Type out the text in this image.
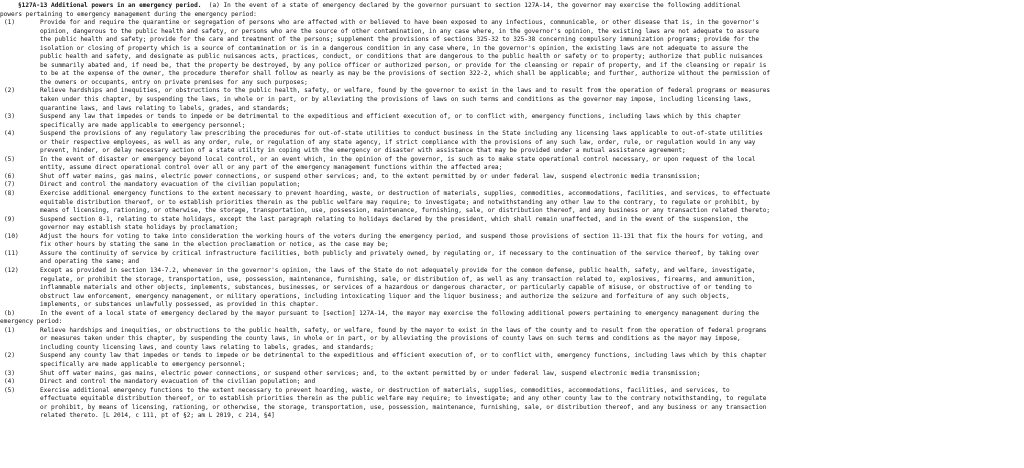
§127A-13 Additional powers in an emergency period. (a) In the event of a state of emergency declared by the governor pursuant to section 127A-14, the governor may exercise the following additional
powers pertaining to emergency management during the emergency period:
(1)	Provide for and require the quarantine or segregation of persons who are affected with or believed to have been exposed to any infectious, communicable, or other disease that is, in the governor's
opinion, dangerous to the public health and safety, or persons who are the source of other contamination, in any case where, in the governor's opinion, the existing laws are not adequate to assure
the public health and safety; provide for the care and treatment of the persons; supplement the provisions of sections 325-32 to 325-38 concerning compulsory immunization programs; provide for the
isolation or closing of property which is a source of contamination or is in a dangerous condition in any case where, in the governor's opinion, the existing laws are not adequate to assure the
public health and safety, and designate as public nuisances acts, practices, conduct, or conditions that are dangerous to the public health or safety or to property; authorize that public nuisances
be summarily abated and, if need be, that the property be destroyed, by any police officer or authorized person, or provide for the cleansing or repair of property, and if the cleansing or repair is
to be at the expense of the owner, the procedure therefor shall follow as nearly as may be the provisions of section 322-2, which shall be applicable; and further, authorize without the permission of
the owners or occupants, entry on private premises for any such purposes;
(2)	Relieve hardships and inequities, or obstructions to the public health, safety, or welfare, found by the governor to exist in the laws and to result from the operation of federal programs or measures
taken under this chapter, by suspending the laws, in whole or in part, or by alleviating the provisions of laws on such terms and conditions as the governor may impose, including licensing laws,
quarantine laws, and laws relating to labels, grades, and standards;
(3)	Suspend any law that impedes or tends to impede or be detrimental to the expeditious and efficient execution of, or to conflict with, emergency functions, including laws which by this chapter
specifically are made applicable to emergency personnel;
(4)	Suspend the provisions of any regulatory law prescribing the procedures for out-of-state utilities to conduct business in the State including any licensing laws applicable to out-of-state utilities
or their respective employees, as well as any order, rule, or regulation of any state agency, if strict compliance with the provisions of any such law, order, rule, or regulation would in any way
prevent, hinder, or delay necessary action of a state utility in coping with the emergency or disaster with assistance that may be provided under a mutual assistance agreement;
(5)	In the event of disaster or emergency beyond local control, or an event which, in the opinion of the governor, is such as to make state operational control necessary, or upon request of the local
entity, assume direct operational control over all or any part of the emergency management functions within the affected area;
(6)	Shut off water mains, gas mains, electric power connections, or suspend other services; and, to the extent permitted by or under federal law, suspend electronic media transmission;
(7)	Direct and control the mandatory evacuation of the civilian population;
(8)	Exercise additional emergency functions to the extent necessary to prevent hoarding, waste, or destruction of materials, supplies, commodities, accommodations, facilities, and services, to effectuate
equitable distribution thereof, or to establish priorities therein as the public welfare may require; to investigate; and notwithstanding any other law to the contrary, to regulate or prohibit, by
means of licensing, rationing, or otherwise, the storage, transportation, use, possession, maintenance, furnishing, sale, or distribution thereof, and any business or any transaction related thereto;
(9)	Suspend section 8-1, relating to state holidays, except the last paragraph relating to holidays declared by the president, which shall remain unaffected, and in the event of the suspension, the
governor may establish state holidays by proclamation;
(10)	Adjust the hours for voting to take into consideration the working hours of the voters during the emergency period, and suspend those provisions of section 11-131 that fix the hours for voting, and
fix other hours by stating the same in the election proclamation or notice, as the case may be;
(11)	Assure the continuity of service by critical infrastructure facilities, both publicly and privately owned, by regulating or, if necessary to the continuation of the service thereof, by taking over
and operating the same; and
(12)	Except as provided in section 134-7.2, whenever in the governor's opinion, the laws of the State do not adequately provide for the common defense, public health, safety, and welfare, investigate,
regulate, or prohibit the storage, transportation, use, possession, maintenance, furnishing, sale, or distribution of, as well as any transaction related to, explosives, firearms, and ammunition,
inflammable materials and other objects, implements, substances, businesses, or services of a hazardous or dangerous character, or particularly capable of misuse, or obstructive of or tending to
obstruct law enforcement, emergency management, or military operations, including intoxicating liquor and the liquor business; and authorize the seizure and forfeiture of any such objects,
implements, or substances unlawfully possessed, as provided in this chapter.
(b)	In the event of a local state of emergency declared by the mayor pursuant to [section] 127A-14, the mayor may exercise the following additional powers pertaining to emergency management during the
emergency period:
(1)	Relieve hardships and inequities, or obstructions to the public health, safety, or welfare, found by the mayor to exist in the laws of the county and to result from the operation of federal programs
or measures taken under this chapter, by suspending the county laws, in whole or in part, or by alleviating the provisions of county laws on such terms and conditions as the mayor may impose,
including county licensing laws, and county laws relating to labels, grades, and standards;
(2)	Suspend any county law that impedes or tends to impede or be detrimental to the expeditious and efficient execution of, or to conflict with, emergency functions, including laws which by this chapter
specifically are made applicable to emergency personnel;
(3)	Shut off water mains, gas mains, electric power connections, or suspend other services; and, to the extent permitted by or under federal law, suspend electronic media transmission;
(4)	Direct and control the mandatory evacuation of the civilian population; and
(5)	Exercise additional emergency functions to the extent necessary to prevent hoarding, waste, or destruction of materials, supplies, commodities, accommodations, facilities, and services, to
effectuate equitable distribution thereof, or to establish priorities therein as the public welfare may require; to investigate; and any other county law to the contrary notwithstanding, to regulate
or prohibit, by means of licensing, rationing, or otherwise, the storage, transportation, use, possession, maintenance, furnishing, sale, or distribution thereof, and any business or any transaction
related thereto. [L 2014, c 111, pt of §2; am L 2019, c 214, §4]
